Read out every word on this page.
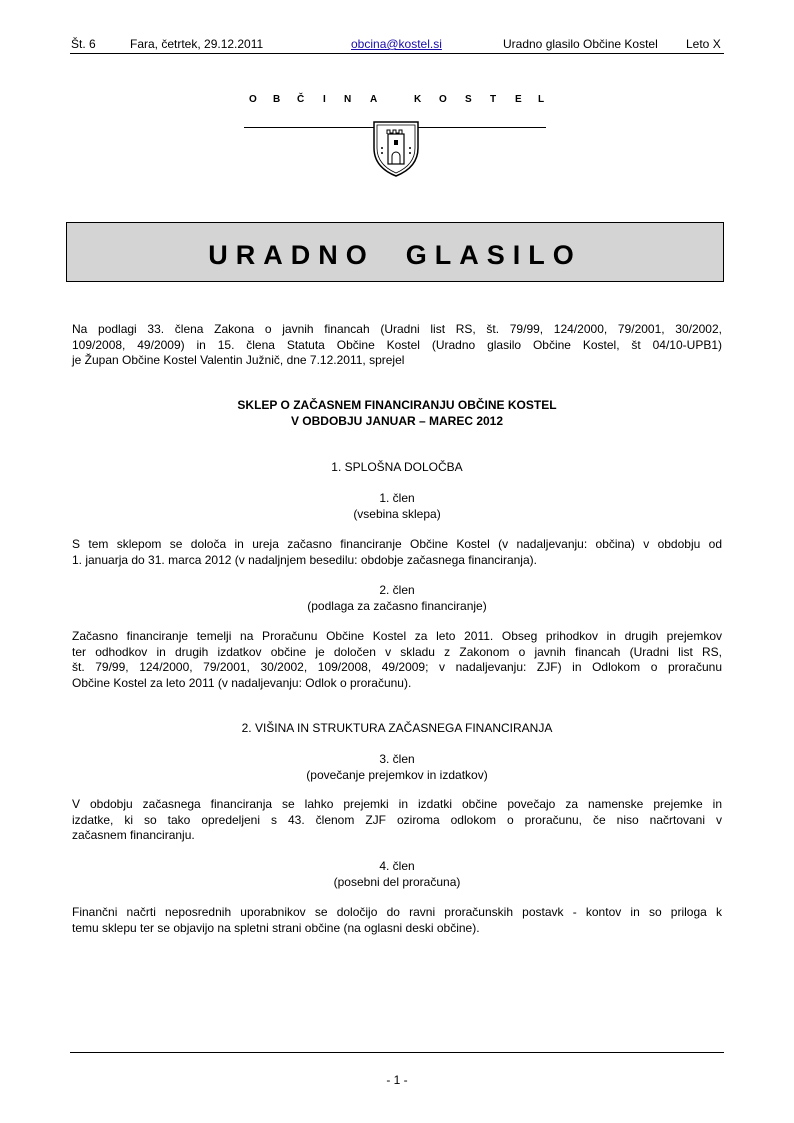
Št. 6	Fara, četrtek, 29.12.2011	obcina@kostel.si	Uradno glasilo Občine Kostel Leto X
O B Č I N A	K O S T E L
URADNO  GLASILO
Na podlagi 33. člena Zakona o javnih financah (Uradni list RS, št. 79/99, 124/2000, 79/2001, 30/2002,
109/2008, 49/2009) in 15. člena Statuta Občine Kostel (Uradno glasilo Občine Kostel, št 04/10-UPB1)
je Župan Občine Kostel Valentin Južnič, dne 7.12.2011, sprejel
SKLEP O ZAČASNEM FINANCIRANJU OBČINE KOSTEL
V OBDOBJU JANUAR – MAREC 2012
1. SPLOŠNA DOLOČBA
1. člen
(vsebina sklepa)
S tem sklepom se določa in ureja začasno financiranje Občine Kostel (v nadaljevanju: občina) v obdobju od
1. januarja do 31. marca 2012 (v nadaljnjem besedilu: obdobje začasnega financiranja).
2. člen
(podlaga za začasno financiranje)
Začasno financiranje temelji na Proračunu Občine Kostel za leto 2011. Obseg prihodkov in drugih prejemkov
ter odhodkov in drugih izdatkov občine je določen v skladu z Zakonom o javnih financah (Uradni list RS,
št. 79/99, 124/2000, 79/2001, 30/2002, 109/2008, 49/2009; v nadaljevanju: ZJF) in Odlokom o proračunu
Občine Kostel za leto 2011 (v nadaljevanju: Odlok o proračunu).
2. VIŠINA IN STRUKTURA ZAČASNEGA FINANCIRANJA
3. člen
(povečanje prejemkov in izdatkov)
V obdobju začasnega financiranja se lahko prejemki in izdatki občine povečajo za namenske prejemke in
izdatke, ki so tako opredeljeni s 43. členom ZJF oziroma odlokom o proračunu, če niso načrtovani v
začasnem financiranju.
4. člen
(posebni del proračuna)
Finančni načrti neposrednih uporabnikov se določijo do ravni proračunskih postavk - kontov in so priloga k
temu sklepu ter se objavijo na spletni strani občine (na oglasni deski občine).
- 1 -
